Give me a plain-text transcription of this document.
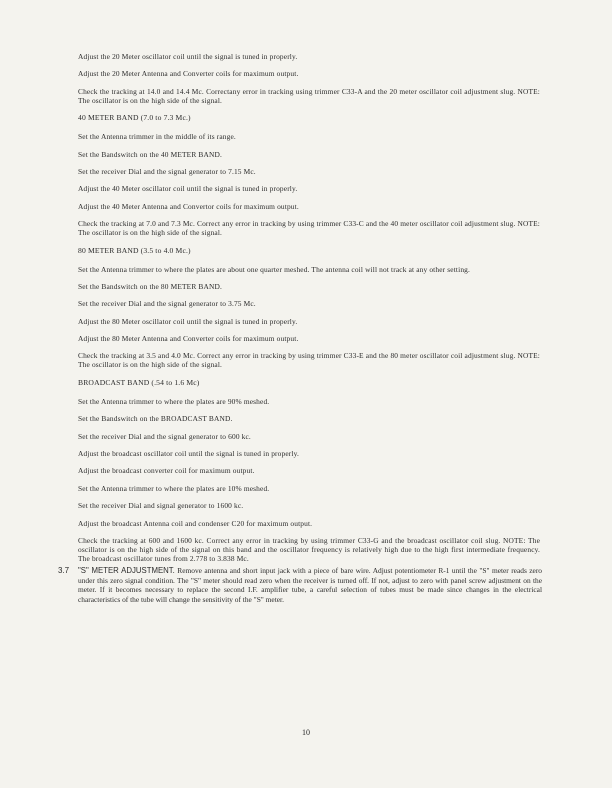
Adjust the 20 Meter oscillator coil until the signal is tuned in properly.

Adjust the 20 Meter Antenna and Converter coils for maximum output.

Check the tracking at 14.0 and 14.4 Mc. Correctany error in tracking using trimmer C33-A and the 20 meter oscillator coil adjustment slug. NOTE: The oscillator is on the high side of the signal.

40 METER BAND (7.0 to 7.3 Mc.)

Set the Antenna trimmer in the middle of its range.

Set the Bandswitch on the 40 METER BAND.

Set the receiver Dial and the signal generator to 7.15 Mc.

Adjust the 40 Meter oscillator coil until the signal is tuned in properly.

Adjust the 40 Meter Antenna and Convertor coils for maximum output.

Check the tracking at 7.0 and 7.3 Mc. Correct any error in tracking by using trimmer C33-C and the 40 meter oscillator coil adjustment slug. NOTE: The oscillator is on the high side of the signal.

80 METER BAND (3.5 to 4.0 Mc.)

Set the Antenna trimmer to where the plates are about one quarter meshed. The antenna coil will not track at any other setting.

Set the Bandswitch on the 80 METER BAND.

Set the receiver Dial and the signal generator to 3.75 Mc.

Adjust the 80 Meter oscillator coil until the signal is tuned in properly.

Adjust the 80 Meter Antenna and Converter coils for maximum output.

Check the tracking at 3.5 and 4.0 Mc. Correct any error in tracking by using trimmer C33-E and the 80 meter oscillator coil adjustment slug. NOTE: The oscillator is on the high side of the signal.

BROADCAST BAND (.54 to 1.6 Mc)

Set the Antenna trimmer to where the plates are 90% meshed.

Set the Bandswitch on the BROADCAST BAND.

Set the receiver Dial and the signal generator to 600 kc.

Adjust the broadcast oscillator coil until the signal is tuned in properly.

Adjust the broadcast converter coil for maximum output.

Set the Antenna trimmer to where the plates are 10% meshed.

Set the receiver Dial and signal generator to 1600 kc.

Adjust the broadcast Antenna coil and condenser C20 for maximum output.

Check the tracking at 600 and 1600 kc. Correct any error in tracking by using trimmer C33-G and the broadcast oscillator coil slug. NOTE: The oscillator is on the high side of the signal on this band and the oscillator frequency is relatively high due to the high first intermediate frequency. The broadcast oscillator tunes from 2.778 to 3.838 Mc.

3.7 "S" METER ADJUSTMENT. Remove antenna and short input jack with a piece of bare wire. Adjust potentiometer R-1 until the "S" meter reads zero under this zero signal condition. The "S" meter should read zero when the receiver is turned off. If not, adjust to zero with panel screw adjustment on the meter. If it becomes necessary to replace the second I.F. amplifier tube, a careful selection of tubes must be made since changes in the electrical characteristics of the tube will change the sensitivity of the "S" meter.
10
